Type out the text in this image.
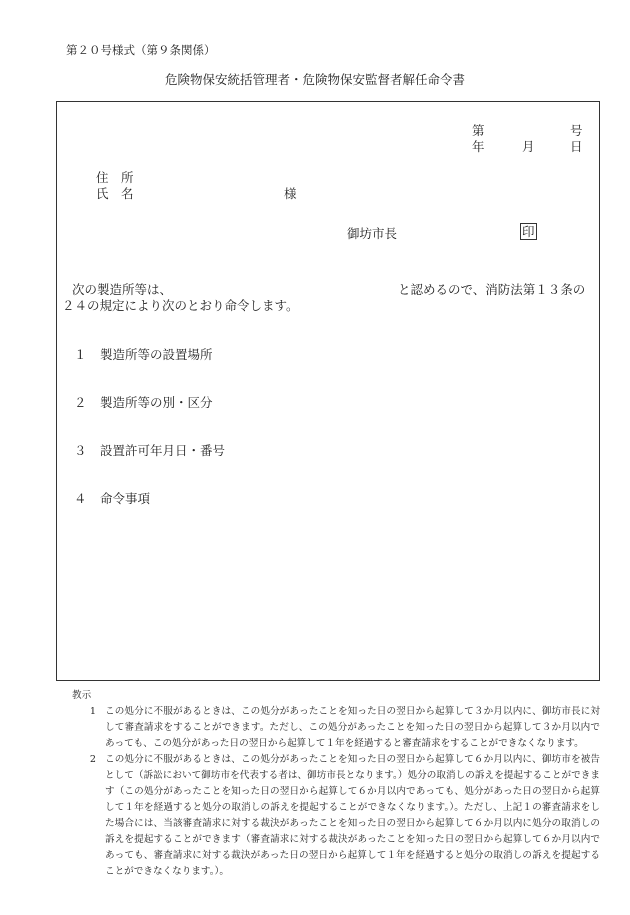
第２０号様式（第９条関係）
危険物保安統括管理者・危険物保安監督者解任命令書
第	号
年	月	日
住　所
氏　名	様
御坊市長	印
次の製造所等は、	と認めるので、消防法第１３条の
２４の規定により次のとおり命令します。
１ 製造所等の設置場所
２ 製造所等の別・区分
３ 設置許可年月日・番号
４ 命令事項
教示
1 この処分に不服があるときは、この処分があったことを知った日の翌日から起算して３か月以内に、御坊市長に対して審査請求をすることができます。ただし、この処分があったことを知った日の翌日から起算して３か月以内であっても、この処分があった日の翌日から起算して１年を経過すると審査請求をすることができなくなります。
2 この処分に不服があるときは、この処分があったことを知った日の翌日から起算して６か月以内に、御坊市を被告として（訴訟において御坊市を代表する者は、御坊市長となります。）処分の取消しの訴えを提起することができます（この処分があったことを知った日の翌日から起算して６か月以内であっても、処分があった日の翌日から起算して１年を経過すると処分の取消しの訴えを提起することができなくなります。）。ただし、上記１の審査請求をした場合には、当該審査請求に対する裁決があったことを知った日の翌日から起算して６か月以内に処分の取消しの訴えを提起することができます（審査請求に対する裁決があったことを知った日の翌日から起算して６か月以内であっても、審査請求に対する裁決があった日の翌日から起算して１年を経過すると処分の取消しの訴えを提起することができなくなります。）。
